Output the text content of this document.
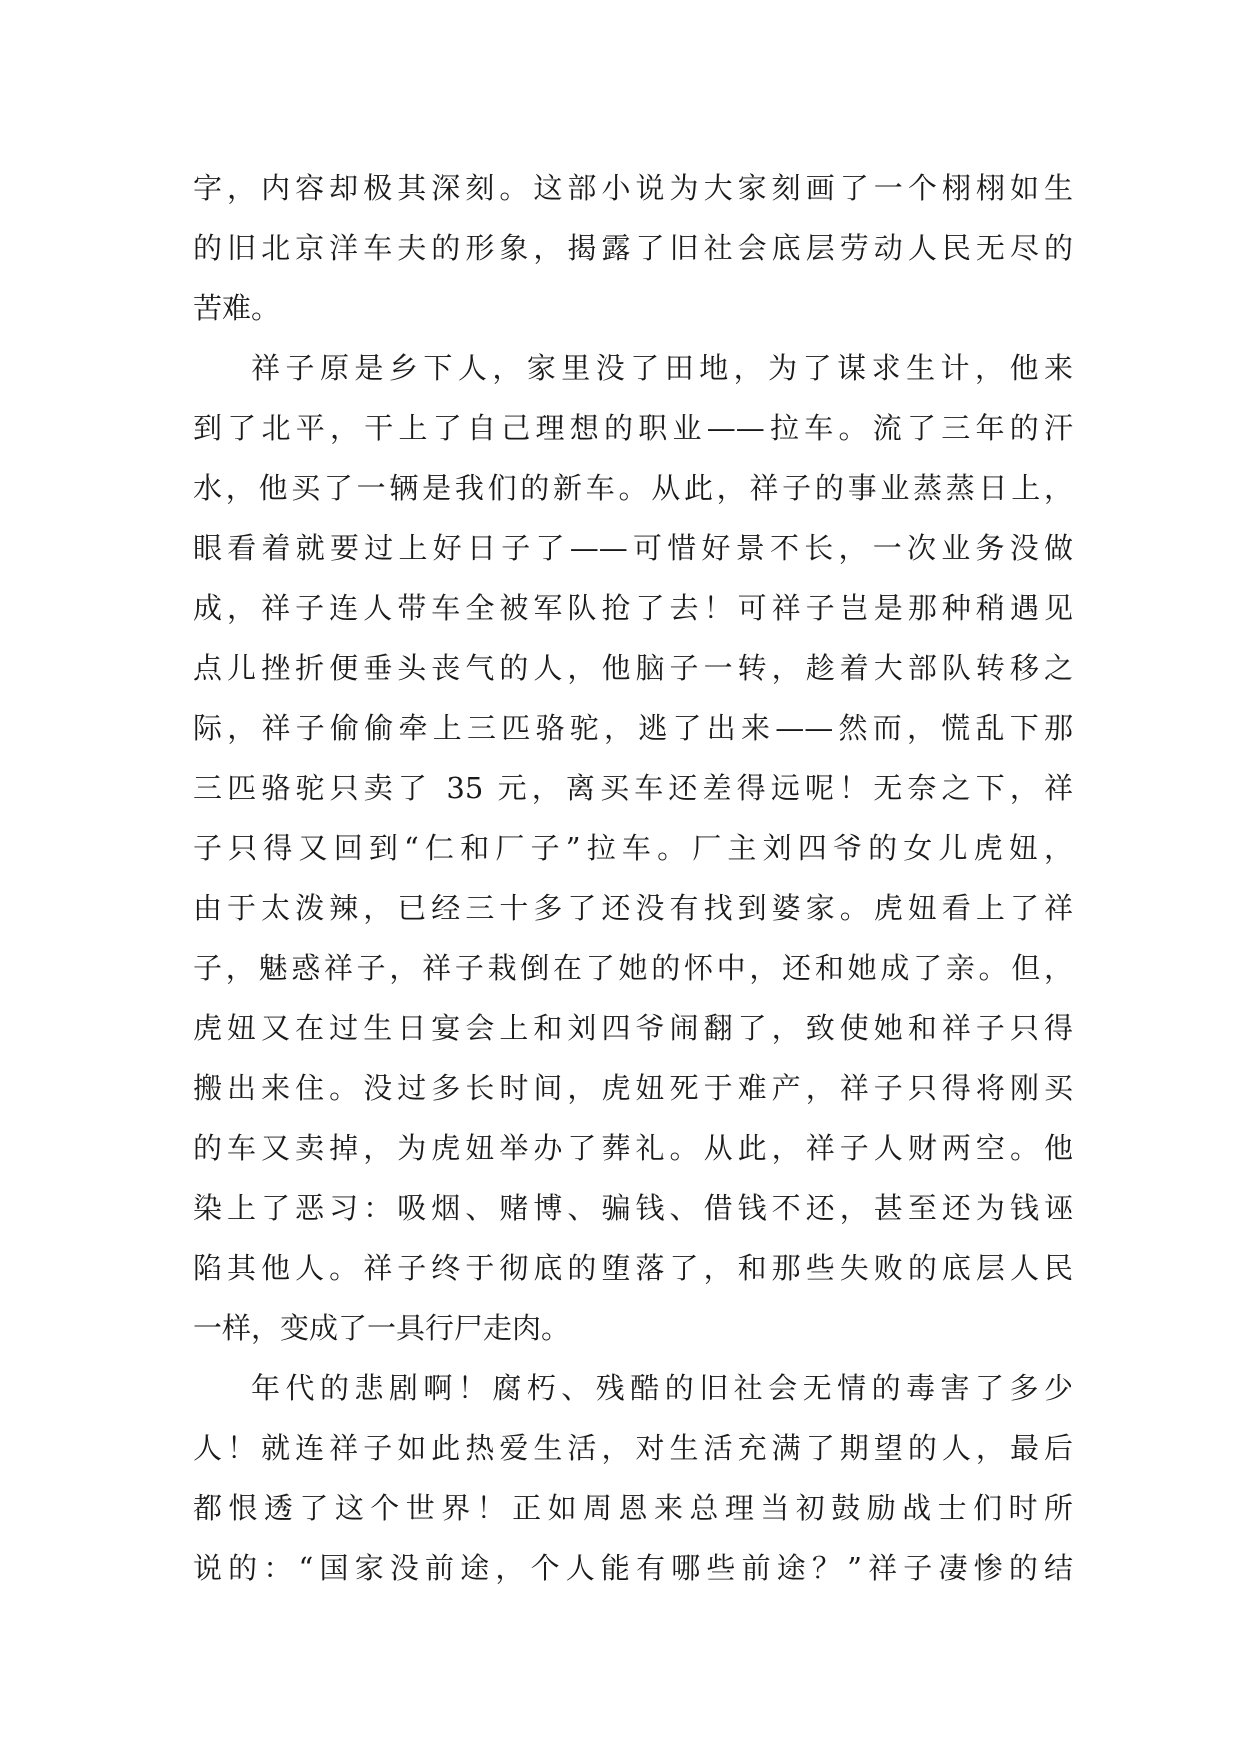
字，内容却极其深刻。这部小说为大家刻画了一个栩栩如生
的旧北京洋车夫的形象，揭露了旧社会底层劳动人民无尽的
苦难。
祥子原是乡下人，家里没了田地，为了谋求生计，他来
到了北平，干上了自己理想的职业——拉车。流了三年的汗
水，他买了一辆是我们的新车。从此，祥子的事业蒸蒸日上，
眼看着就要过上好日子了——可惜好景不长，一次业务没做
成，祥子连人带车全被军队抢了去！可祥子岂是那种稍遇见
点儿挫折便垂头丧气的人，他脑子一转，趁着大部队转移之
际，祥子偷偷牵上三匹骆驼，逃了出来——然而，慌乱下那
三匹骆驼只卖了 35 元，离买车还差得远呢！无奈之下，祥
子只得又回到“仁和厂子”拉车。厂主刘四爷的女儿虎妞，
由于太泼辣，已经三十多了还没有找到婆家。虎妞看上了祥
子，魅惑祥子，祥子栽倒在了她的怀中，还和她成了亲。但，
虎妞又在过生日宴会上和刘四爷闹翻了，致使她和祥子只得
搬出来住。没过多长时间，虎妞死于难产，祥子只得将刚买
的车又卖掉，为虎妞举办了葬礼。从此，祥子人财两空。他
染上了恶习：吸烟、赌博、骗钱、借钱不还，甚至还为钱诬
陷其他人。祥子终于彻底的堕落了，和那些失败的底层人民
一样，变成了一具行尸走肉。
年代的悲剧啊！腐朽、残酷的旧社会无情的毒害了多少
人！就连祥子如此热爱生活，对生活充满了期望的人，最后
都恨透了这个世界！正如周恩来总理当初鼓励战士们时所
说的：“国家没前途，个人能有哪些前途？”祥子凄惨的结
